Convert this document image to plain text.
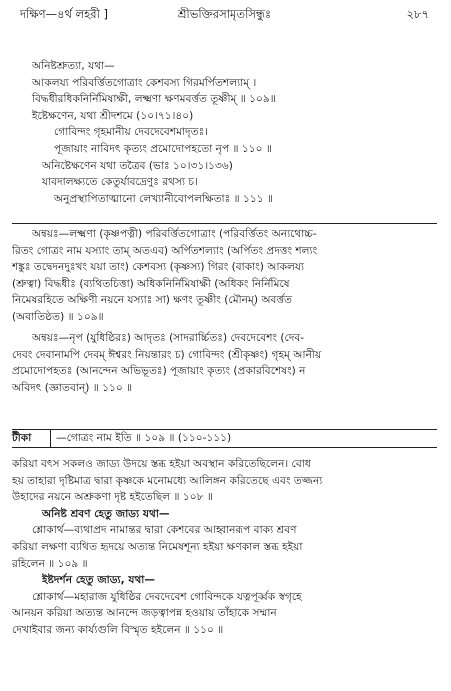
দক্ষিণ—৪র্থ লহরী ]	শ্রীভক্তিরসামৃতসিন্ধুঃ	২৮৭
অনিষ্টশ্রুত্যা, যথা—
আকলয্য পরিবর্ত্তিতগোত্রাং কেশবস্য গিরমর্পিতশল্যাম্ ।
বিদ্ধধীরধিকনির্নিমিষাক্ষী, লক্ষ্মণা ক্ষণমবর্ত্তত তূষ্ণীম্ ॥ ১০৯॥
ইষ্টেক্ষণেন, যথা শ্রীদশমে (১০।৭১।৪০)
গোবিন্দং গৃহমানীয় দেবদেবেশমাদৃতঃ।
পূজায়াং নাবিদৎ কৃত্যং প্রমোদোপহতো নৃপ ॥ ১১০ ॥
অনিষ্টেক্ষণেন যথা তত্রৈব (ভাঃ ১০।৩১।১৩৬)
যাবদালক্ষ্যতে কেতুর্যাবদ্রেণুঃ রথস্য চ।
অনুপ্রস্থাপিতাত্মানো লেখ্যানীবোপলক্ষিতাঃ ॥ ১১১ ॥
অন্বয়ঃ—লক্ষ্মণা (কৃষ্ণপত্নী) পরিবর্ত্তিতগোত্রাং (পরিবর্ত্তিতং অন্যথোচ্চ-
রিতং গোত্রং নাম যস্যাং তাম্ অতএব) অর্পিতশল্যাং (অর্পিতং প্রদত্তং শল্যং
শঙ্কুঃ তদ্বেদনদুঃখং যয়া তাং) কেশবস্য (কৃষ্ণস্য) গিরং (বাকাং) আকলয্য
(শ্রুত্বা) বিদ্ধধীঃ (ব্যথিতচিত্তা) অধিকনির্নিমিষাক্ষী (অধিকং নির্নিমিষে
নিমেষরহিতে অক্ষিণী নয়নে যস্যাঃ সা) ক্ষণং তূষ্ণীং (মৌনম্) অবর্ত্তত
(অবাতিষ্ঠত) ॥ ১০৯॥
অন্বয়ঃ—নৃপ (যুধিষ্ঠিরঃ) আদৃতঃ (সাদরার্চ্চিতঃ) দেবদেবেশং (দেব-
দেবং দেবানামপি দেবম্ ঈশ্বরং নিয়ন্তারং চ) গোবিন্দং (শ্রীকৃষ্ণং) গৃহম্ আনীয়
প্রমোদোপহতঃ (আনন্দেন অভিভূতঃ) পূজায়াং কৃত্যং (প্রকারবিশেষং) ন
অবিদৎ (জ্ঞাতবান্) ॥ ১১০ ॥
টীকা	—গোত্রং নাম ইতি ॥ ১০৯ ॥ (১১০-১১১)
করিয়া বৎস সকলও জাড্য উদয়ে স্তব্ধ হইয়া অবস্থান করিতেছিলেন। বোধ
হয় তাহারা দৃষ্টিমাত্র দ্বারা কৃষ্ণকে মনোমধ্যে আলিঙ্গন করিতেছে এবং তজ্জন্য
উহাদের নয়নে অশ্রুকণা দৃষ্ট হইতেছিল ॥ ১০৮ ॥
অনিষ্ট শ্রবণ হেতু জাড্য যথা—
শ্লোকার্থ—ব্যথাপ্রদ নামান্তর দ্বারা কেশবের আহ্বানরূপ বাক্য শ্রবণ
করিয়া লক্ষণা ব্যথিত হৃদয়ে অত্যন্ত নিমেষশূন্য হইয়া ক্ষণকাল স্তব্ধ হইয়া
রহিলেন ॥ ১০৯ ॥
ইষ্টদর্শন হেতু জাড্য, যথা—
শ্লোকার্থ—মহারাজ যুধিষ্ঠির দেবদেবেশ গোবিন্দকে যত্নপূর্ব্বক স্বগৃহে
আনয়ন করিয়া অত্যন্ত আনন্দে জড়ত্বাপন্ন হওয়ায় তাঁহাকে সম্মান
দেখাইবার জন্য কার্য্যগুলি বিস্মৃত হইলেন ॥ ১১০ ॥
